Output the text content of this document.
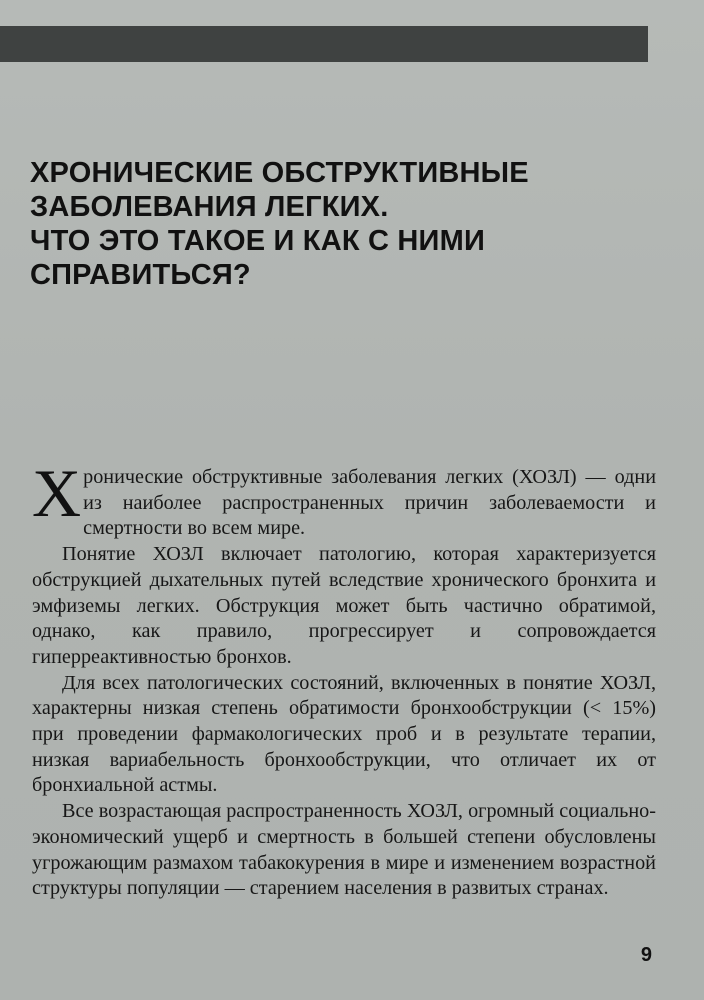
ХРОНИЧЕСКИЕ ОБСТРУКТИВНЫЕ
ЗАБОЛЕВАНИЯ ЛЕГКИХ.
ЧТО ЭТО ТАКОЕ И КАК С НИМИ
СПРАВИТЬСЯ?

Хронические обструктивные заболевания легких (ХОЗЛ) — одни из наиболее распространенных причин заболеваемости и смертности во всем мире.

Понятие ХОЗЛ включает патологию, которая характеризуется обструкцией дыхательных путей вследствие хронического бронхита и эмфиземы легких. Обструкция может быть частично обратимой, однако, как правило, прогрессирует и сопровождается гиперреактивностью бронхов.

Для всех патологических состояний, включенных в понятие ХОЗЛ, характерны низкая степень обратимости бронхообструкции (< 15%) при проведении фармакологических проб и в результате терапии, низкая вариабельность бронхообструкции, что отличает их от бронхиальной астмы.

Все возрастающая распространенность ХОЗЛ, огромный социально-экономический ущерб и смертность в большей степени обусловлены угрожающим размахом табакокурения в мире и изменением возрастной структуры популяции — старением населения в развитых странах.

9
